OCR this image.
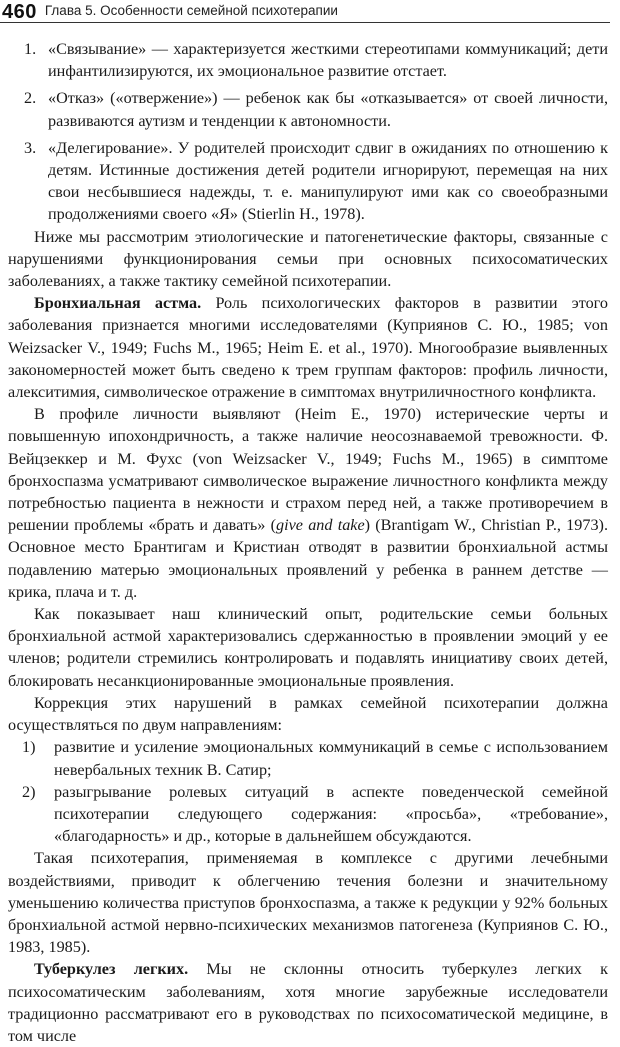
460 Глава 5. Особенности семейной психотерапии
1. «Связывание» — характеризуется жесткими стереотипами коммуникаций; дети инфантилизируются, их эмоциональное развитие отстает.
2. «Отказ» («отвержение») — ребенок как бы «отказывается» от своей личности, развиваются аутизм и тенденции к автономности.
3. «Делегирование». У родителей происходит сдвиг в ожиданиях по отношению к детям. Истинные достижения детей родители игнорируют, перемещая на них свои несбывшиеся надежды, т. е. манипулируют ими как со своеобразными продолжениями своего «Я» (Stierlin H., 1978).

Ниже мы рассмотрим этиологические и патогенетические факторы, связанные с нарушениями функционирования семьи при основных психосоматических заболеваниях, а также тактику семейной психотерапии.

Бронхиальная астма. Роль психологических факторов в развитии этого заболевания признается многими исследователями (Куприянов С. Ю., 1985; von Weizsacker V., 1949; Fuchs M., 1965; Heim E. et al., 1970). Многообразие выявленных закономерностей может быть сведено к трем группам факторов: профиль личности, алекситимия, символическое отражение в симптомах внутриличностного конфликта.

В профиле личности выявляют (Heim E., 1970) истерические черты и повышенную ипохондричность, а также наличие неосознаваемой тревожности. Ф. Вейцзеккер и М. Фухс (von Weizsacker V., 1949; Fuchs M., 1965) в симптоме бронхоспазма усматривают символическое выражение личностного конфликта между потребностью пациента в нежности и страхом перед ней, а также противоречием в решении проблемы «брать и давать» (give and take) (Brantigam W., Christian P., 1973). Основное место Брантигам и Кристиан отводят в развитии бронхиальной астмы подавлению матерью эмоциональных проявлений у ребенка в раннем детстве — крика, плача и т. д.

Как показывает наш клинический опыт, родительские семьи больных бронхиальной астмой характеризовались сдержанностью в проявлении эмоций у ее членов; родители стремились контролировать и подавлять инициативу своих детей, блокировать несанкционированные эмоциональные проявления.

Коррекция этих нарушений в рамках семейной психотерапии должна осуществляться по двум направлениям:

1)	развитие и усиление эмоциональных коммуникаций в семье с использованием невербальных техник В. Сатир;
2)	разыгрывание ролевых ситуаций в аспекте поведенческой семейной психотерапии следующего содержания: «просьба», «требование», «благодарность» и др., которые в дальнейшем обсуждаются.

Такая психотерапия, применяемая в комплексе с другими лечебными воздействиями, приводит к облегчению течения болезни и значительному уменьшению количества приступов бронхоспазма, а также к редукции у 92% больных бронхиальной астмой нервно-психических механизмов патогенеза (Куприянов С. Ю., 1983, 1985).

Туберкулез легких. Мы не склонны относить туберкулез легких к психосоматическим заболеваниям, хотя многие зарубежные исследователи традиционно рассматривают его в руководствах по психосоматической медицине, в том числе
